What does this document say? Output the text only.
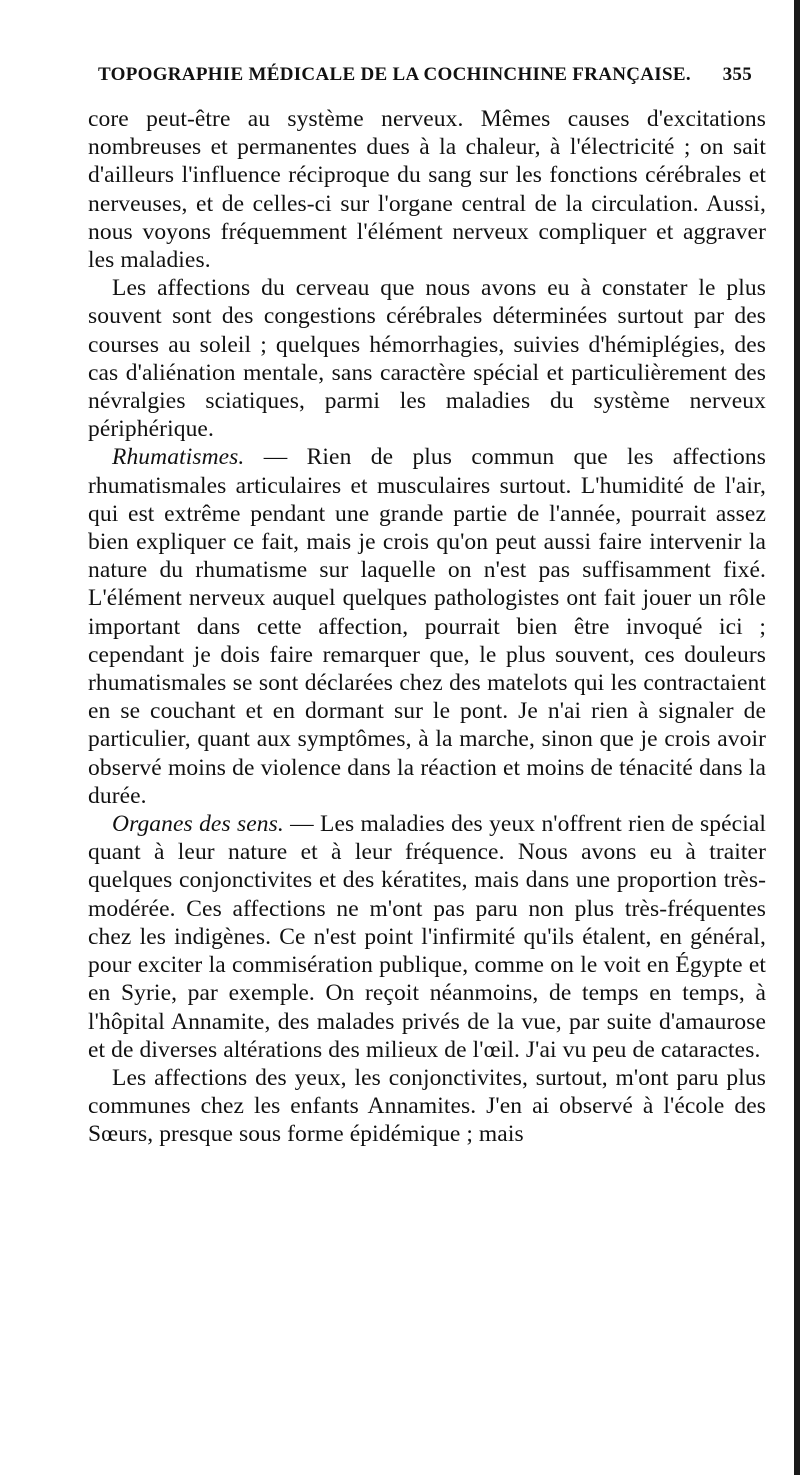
TOPOGRAPHIE MÉDICALE DE LA COCHINCHINE FRANÇAISE. 355

core peut-être au système nerveux. Mêmes causes d'excitations nombreuses et permanentes dues à la chaleur, à l'électricité ; on sait d'ailleurs l'influence réciproque du sang sur les fonctions cérébrales et nerveuses, et de celles-ci sur l'organe central de la circulation. Aussi, nous voyons fréquemment l'élément nerveux compliquer et aggraver les maladies.

Les affections du cerveau que nous avons eu à constater le plus souvent sont des congestions cérébrales déterminées surtout par des courses au soleil ; quelques hémorrhagies, suivies d'hémiplégies, des cas d'aliénation mentale, sans caractère spécial et particulièrement des névralgies sciatiques, parmi les maladies du système nerveux périphérique.

Rhumatismes. — Rien de plus commun que les affections rhumatismales articulaires et musculaires surtout. L'humidité de l'air, qui est extrême pendant une grande partie de l'année, pourrait assez bien expliquer ce fait, mais je crois qu'on peut aussi faire intervenir la nature du rhumatisme sur laquelle on n'est pas suffisamment fixé. L'élément nerveux auquel quelques pathologistes ont fait jouer un rôle important dans cette affection, pourrait bien être invoqué ici ; cependant je dois faire remarquer que, le plus souvent, ces douleurs rhumatismales se sont déclarées chez des matelots qui les contractaient en se couchant et en dormant sur le pont. Je n'ai rien à signaler de particulier, quant aux symptômes, à la marche, sinon que je crois avoir observé moins de violence dans la réaction et moins de ténacité dans la durée.

Organes des sens. — Les maladies des yeux n'offrent rien de spécial quant à leur nature et à leur fréquence. Nous avons eu à traiter quelques conjonctivites et des kératites, mais dans une proportion très-modérée. Ces affections ne m'ont pas paru non plus très-fréquentes chez les indigènes. Ce n'est point l'infirmité qu'ils étalent, en général, pour exciter la commisération publique, comme on le voit en Égypte et en Syrie, par exemple. On reçoit néanmoins, de temps en temps, à l'hôpital Annamite, des malades privés de la vue, par suite d'amaurose et de diverses altérations des milieux de l'œil. J'ai vu peu de cataractes.

Les affections des yeux, les conjonctivites, surtout, m'ont paru plus communes chez les enfants Annamites. J'en ai observé à l'école des Sœurs, presque sous forme épidémique ; mais
